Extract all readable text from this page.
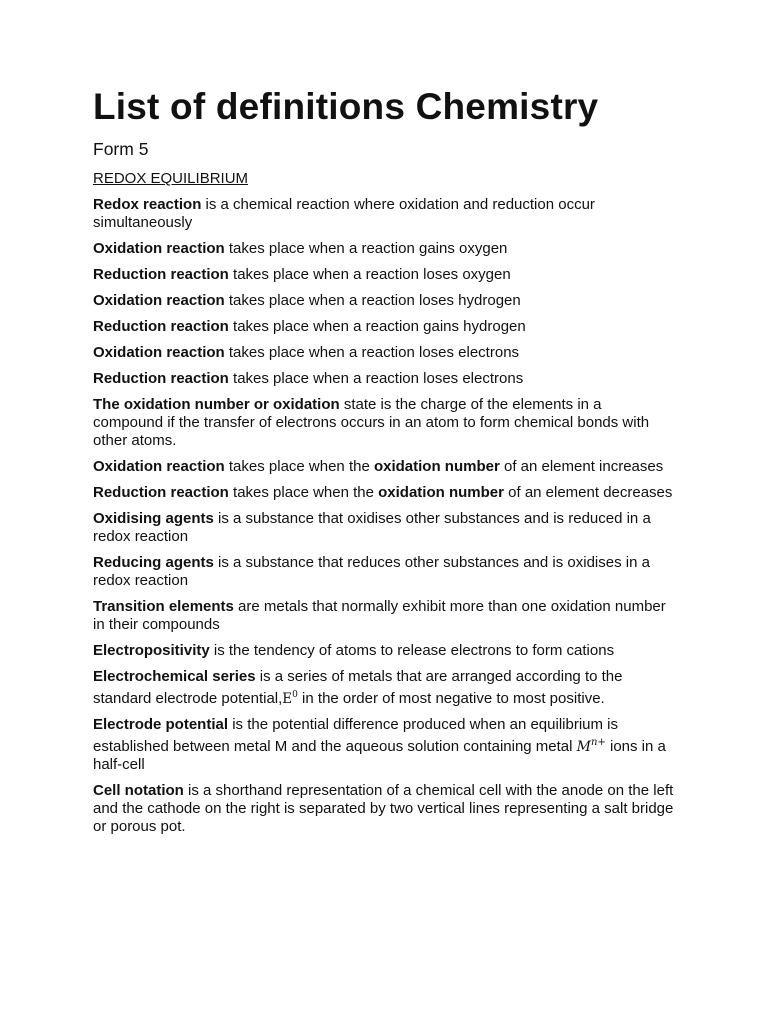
List of definitions Chemistry
Form 5
REDOX EQUILIBRIUM
Redox reaction is a chemical reaction where oxidation and reduction occur simultaneously
Oxidation reaction takes place when a reaction gains oxygen
Reduction reaction takes place when a reaction loses oxygen
Oxidation reaction takes place when a reaction loses hydrogen
Reduction reaction takes place when a reaction gains hydrogen
Oxidation reaction takes place when a reaction loses electrons
Reduction reaction takes place when a reaction loses electrons
The oxidation number or oxidation state is the charge of the elements in a compound if the transfer of electrons occurs in an atom to form chemical bonds with other atoms.
Oxidation reaction takes place when the oxidation number of an element increases
Reduction reaction takes place when the oxidation number of an element decreases
Oxidising agents is a substance that oxidises other substances and is reduced in a redox reaction
Reducing agents is a substance that reduces other substances and is oxidises in a redox reaction
Transition elements are metals that normally exhibit more than one oxidation number in their compounds
Electropositivity is the tendency of atoms to release electrons to form cations
Electrochemical series is a series of metals that are arranged according to the standard electrode $potential,E^0$ in the order of most negative to most positive.
Electrode potential is the potential difference produced when an equilibrium is established between metal M and the aqueous solution containing metal $M^{n+}$ ions in a half-cell
Cell notation is a shorthand representation of a chemical cell with the anode on the left and the cathode on the right is separated by two vertical lines representing a salt bridge or porous pot.
